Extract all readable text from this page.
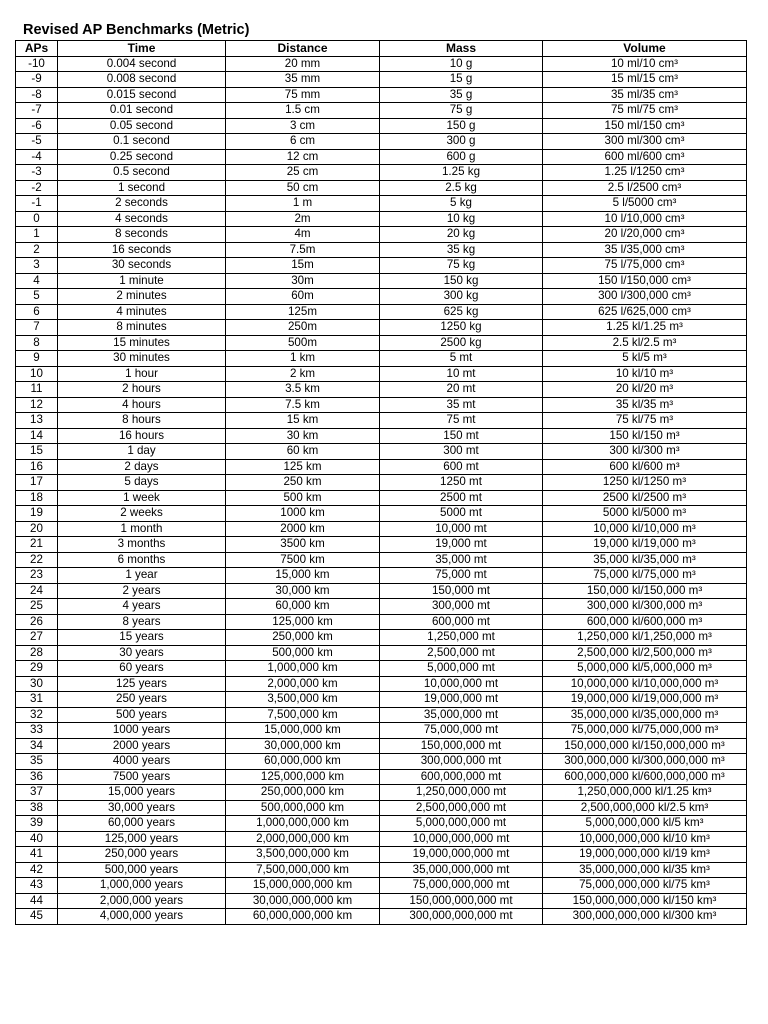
Revised AP Benchmarks (Metric)
APs	Time	Distance	Mass	Volume
-10	0.004 second	20 mm	10 g	10 ml/10 cm³
-9	0.008 second	35 mm	15 g	15 ml/15 cm³
-8	0.015 second	75 mm	35 g	35 ml/35 cm³
-7	0.01 second	1.5 cm	75 g	75 ml/75 cm³
-6	0.05 second	3 cm	150 g	150 ml/150 cm³
-5	0.1 second	6 cm	300 g	300 ml/300 cm³
-4	0.25 second	12 cm	600 g	600 ml/600 cm³
-3	0.5 second	25 cm	1.25 kg	1.25 l/1250 cm³
-2	1 second	50 cm	2.5 kg	2.5 l/2500 cm³
-1	2 seconds	1 m	5 kg	5 l/5000 cm³
0	4 seconds	2m	10 kg	10 l/10,000 cm³
1	8 seconds	4m	20 kg	20 l/20,000 cm³
2	16 seconds	7.5m	35 kg	35 l/35,000 cm³
3	30 seconds	15m	75 kg	75 l/75,000 cm³
4	1 minute	30m	150 kg	150 l/150,000 cm³
5	2 minutes	60m	300 kg	300 l/300,000 cm³
6	4 minutes	125m	625 kg	625 l/625,000 cm³
7	8 minutes	250m	1250 kg	1.25 kl/1.25 m³
8	15 minutes	500m	2500 kg	2.5 kl/2.5 m³
9	30 minutes	1 km	5 mt	5 kl/5 m³
10	1 hour	2 km	10 mt	10 kl/10 m³
11	2 hours	3.5 km	20 mt	20 kl/20 m³
12	4 hours	7.5 km	35 mt	35 kl/35 m³
13	8 hours	15 km	75 mt	75 kl/75 m³
14	16 hours	30 km	150 mt	150 kl/150 m³
15	1 day	60 km	300 mt	300 kl/300 m³
16	2 days	125 km	600 mt	600 kl/600 m³
17	5 days	250 km	1250 mt	1250 kl/1250 m³
18	1 week	500 km	2500 mt	2500 kl/2500 m³
19	2 weeks	1000 km	5000 mt	5000 kl/5000 m³
20	1 month	2000 km	10,000 mt	10,000 kl/10,000 m³
21	3 months	3500 km	19,000 mt	19,000 kl/19,000 m³
22	6 months	7500 km	35,000 mt	35,000 kl/35,000 m³
23	1 year	15,000 km	75,000 mt	75,000 kl/75,000 m³
24	2 years	30,000 km	150,000 mt	150,000 kl/150,000 m³
25	4 years	60,000 km	300,000 mt	300,000 kl/300,000 m³
26	8 years	125,000 km	600,000 mt	600,000 kl/600,000 m³
27	15 years	250,000 km	1,250,000 mt	1,250,000 kl/1,250,000 m³
28	30 years	500,000 km	2,500,000 mt	2,500,000 kl/2,500,000 m³
29	60 years	1,000,000 km	5,000,000 mt	5,000,000 kl/5,000,000 m³
30	125 years	2,000,000 km	10,000,000 mt	10,000,000 kl/10,000,000 m³
31	250 years	3,500,000 km	19,000,000 mt	19,000,000 kl/19,000,000 m³
32	500 years	7,500,000 km	35,000,000 mt	35,000,000 kl/35,000,000 m³
33	1000 years	15,000,000 km	75,000,000 mt	75,000,000 kl/75,000,000 m³
34	2000 years	30,000,000 km	150,000,000 mt	150,000,000 kl/150,000,000 m³
35	4000 years	60,000,000 km	300,000,000 mt	300,000,000 kl/300,000,000 m³
36	7500 years	125,000,000 km	600,000,000 mt	600,000,000 kl/600,000,000 m³
37	15,000 years	250,000,000 km	1,250,000,000 mt	1,250,000,000 kl/1.25 km³
38	30,000 years	500,000,000 km	2,500,000,000 mt	2,500,000,000 kl/2.5 km³
39	60,000 years	1,000,000,000 km	5,000,000,000 mt	5,000,000,000 kl/5 km³
40	125,000 years	2,000,000,000 km	10,000,000,000 mt	10,000,000,000 kl/10 km³
41	250,000 years	3,500,000,000 km	19,000,000,000 mt	19,000,000,000 kl/19 km³
42	500,000 years	7,500,000,000 km	35,000,000,000 mt	35,000,000,000 kl/35 km³
43	1,000,000 years	15,000,000,000 km	75,000,000,000 mt	75,000,000,000 kl/75 km³
44	2,000,000 years	30,000,000,000 km	150,000,000,000 mt	150,000,000,000 kl/150 km³
45	4,000,000 years	60,000,000,000 km	300,000,000,000 mt	300,000,000,000 kl/300 km³
